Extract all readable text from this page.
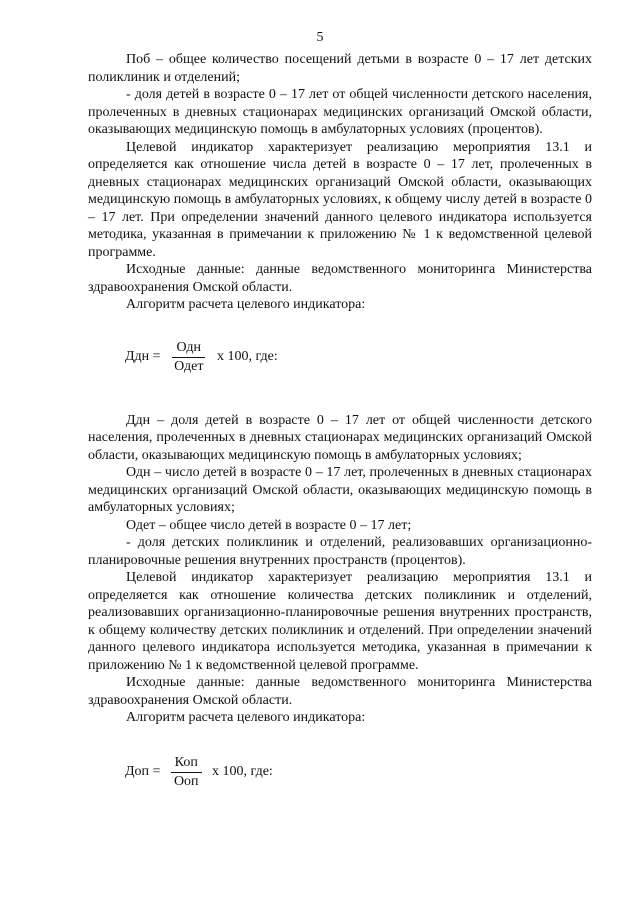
5

Поб – общее количество посещений детьми в возрасте 0 – 17 лет детских поликлиник и отделений;

- доля детей в возрасте 0 – 17 лет от общей численности детского населения, пролеченных в дневных стационарах медицинских организаций Омской области, оказывающих медицинскую помощь в амбулаторных условиях (процентов).

Целевой индикатор характеризует реализацию мероприятия 13.1 и определяется как отношение числа детей в возрасте 0 – 17 лет, пролеченных в дневных стационарах медицинских организаций Омской области, оказывающих медицинскую помощь в амбулаторных условиях, к общему числу детей в возрасте 0 – 17 лет. При определении значений данного целевого индикатора используется методика, указанная в примечании к приложению № 1 к ведомственной целевой программе.

Исходные данные: данные ведомственного мониторинга Министерства здравоохранения Омской области.

Алгоритм расчета целевого индикатора:

Ддн = $\frac{\text{Одн}}{\text{Одет}}$ х 100, где:

Ддн – доля детей в возрасте 0 – 17 лет от общей численности детского населения, пролеченных в дневных стационарах медицинских организаций Омской области, оказывающих медицинскую помощь в амбулаторных условиях;

Одн – число детей в возрасте 0 – 17 лет, пролеченных в дневных стационарах медицинских организаций Омской области, оказывающих медицинскую помощь в амбулаторных условиях;

Одет – общее число детей в возрасте 0 – 17 лет;

- доля детских поликлиник и отделений, реализовавших организационно-планировочные решения внутренних пространств (процентов).

Целевой индикатор характеризует реализацию мероприятия 13.1 и определяется как отношение количества детских поликлиник и отделений, реализовавших организационно-планировочные решения внутренних пространств, к общему количеству детских поликлиник и отделений. При определении значений данного целевого индикатора используется методика, указанная в примечании к приложению № 1 к ведомственной целевой программе.

Исходные данные: данные ведомственного мониторинга Министерства здравоохранения Омской области.

Алгоритм расчета целевого индикатора:

Доп = $\frac{\text{Коп}}{\text{Ооп}}$ х 100, где:
